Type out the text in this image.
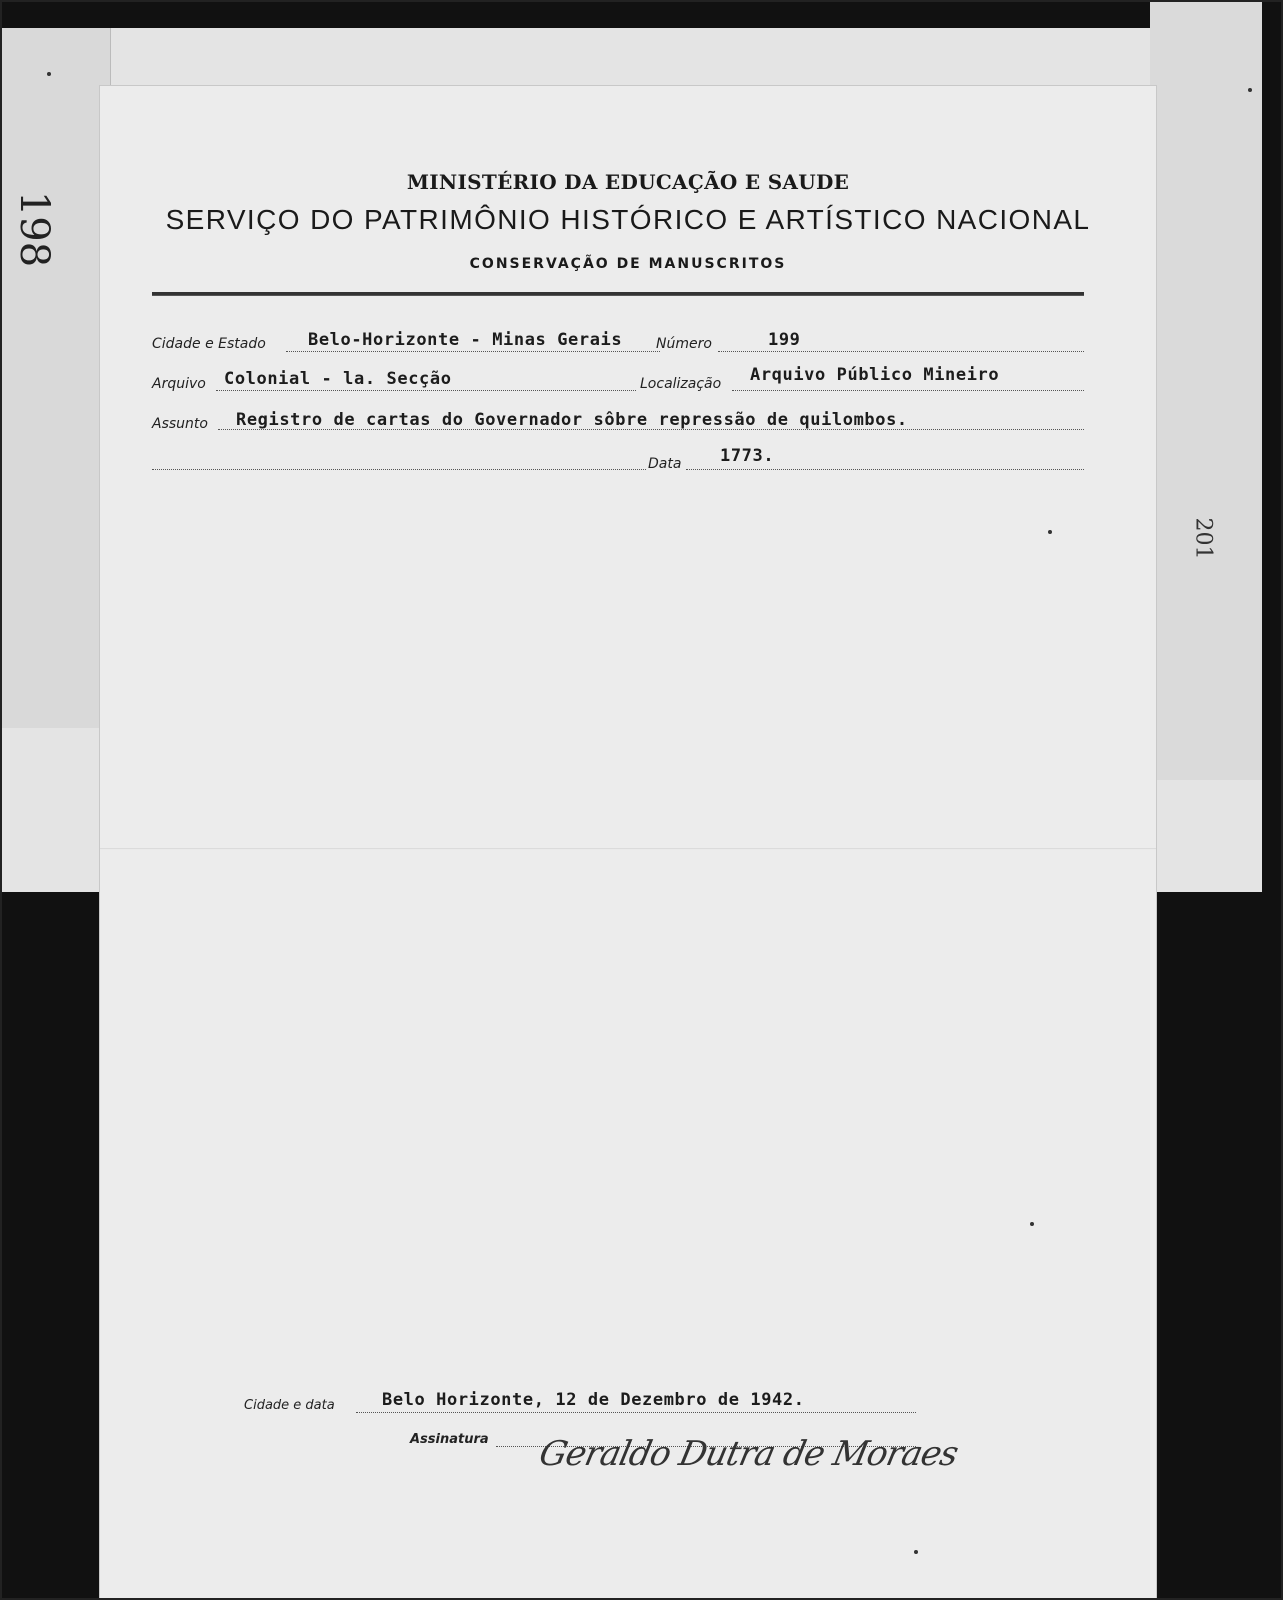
198
201
MINISTÉRIO DA EDUCAÇÃO E SAUDE
SERVIÇO DO PATRIMÔNIO HISTÓRICO E ARTÍSTICO NACIONAL
CONSERVAÇÃO DE MANUSCRITOS
Cidade e Estado Belo-Horizonte - Minas Gerais Número	199
Arquivo Colonial - la. Secção	Localização Arquivo Público Mineiro
Assunto Registro de cartas do Governador sôbre repressão de quilombos.
Data 1773.
Cidade e data	Belo Horizonte, 12 de Dezembro de 1942.
Assinatura Geraldo Dutra de Moraes
